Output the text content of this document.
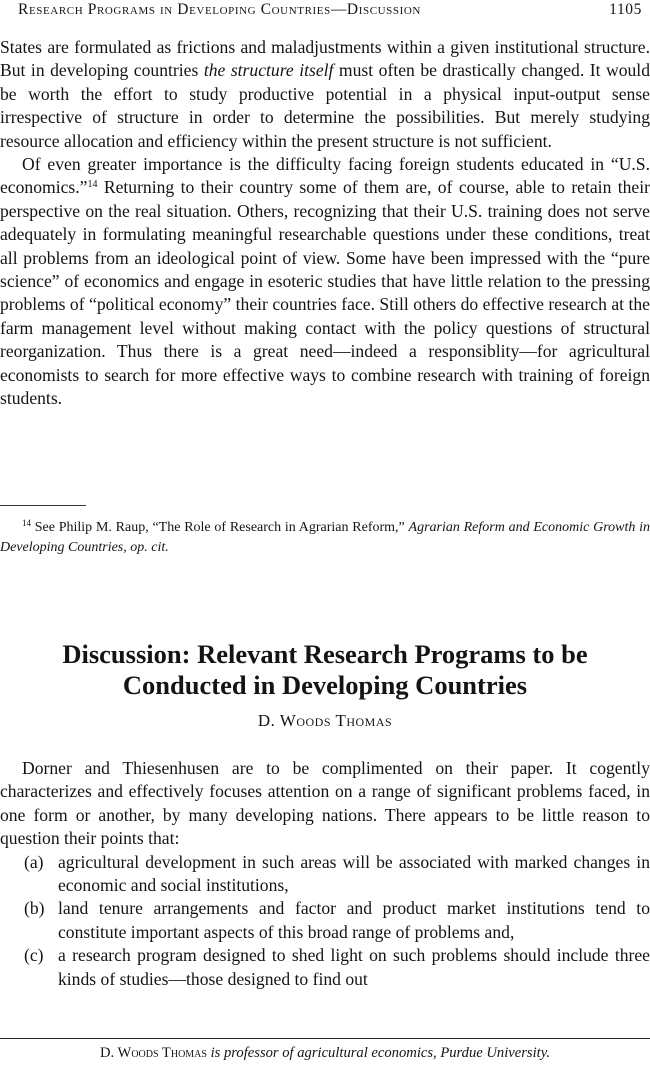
Research Programs in Developing Countries—Discussion	1105

States are formulated as frictions and maladjustments within a given institutional structure. But in developing countries the structure itself must often be drastically changed. It would be worth the effort to study productive potential in a physical input-output sense irrespective of structure in order to determine the possibilities. But merely studying resource allocation and efficiency within the present structure is not sufficient.

Of even greater importance is the difficulty facing foreign students educated in “U.S. economics.”$^{14}$ Returning to their country some of them are, of course, able to retain their perspective on the real situation. Others, recognizing that their U.S. training does not serve adequately in formulating meaningful researchable questions under these conditions, treat all problems from an ideological point of view. Some have been impressed with the “pure science” of economics and engage in esoteric studies that have little relation to the pressing problems of “political economy” their countries face. Still others do effective research at the farm management level without making contact with the policy questions of structural reorganization. Thus there is a great need—indeed a responsiblity—for agricultural economists to search for more effective ways to combine research with training of foreign students.

$^{14}$ See Philip M. Raup, “The Role of Research in Agrarian Reform,” Agrarian Reform and Economic Growth in Developing Countries, op. cit.

Discussion: Relevant Research Programs to be
Conducted in Developing Countries
D. Woods Thomas

Dorner and Thiesenhusen are to be complimented on their paper. It cogently characterizes and effectively focuses attention on a range of significant problems faced, in one form or another, by many developing nations. There appears to be little reason to question their points that:

(a) agricultural development in such areas will be associated with marked changes in economic and social institutions,
(b) land tenure arrangements and factor and product market institutions tend to constitute important aspects of this broad range of problems and,
(c) a research program designed to shed light on such problems should include three kinds of studies—those designed to find out
D. Woods Thomas is professor of agricultural economics, Purdue University.
